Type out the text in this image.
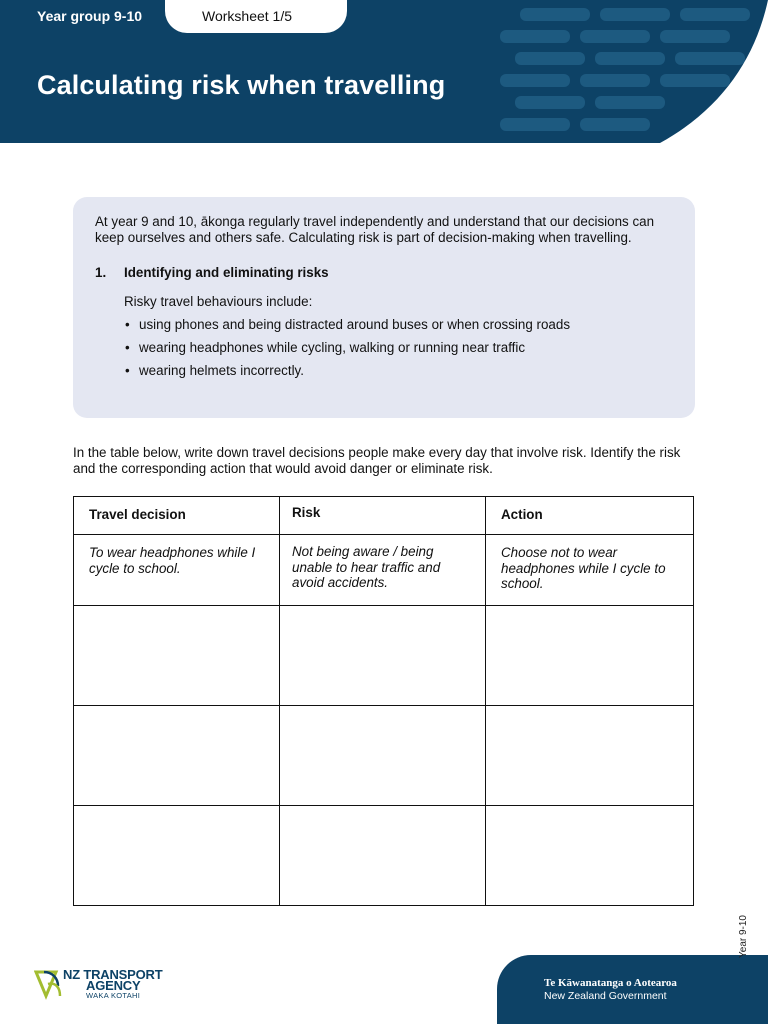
Year group 9-10	Worksheet 1/5
Calculating risk when travelling

At year 9 and 10, ākonga regularly travel independently and understand that our decisions can keep ourselves and others safe. Calculating risk is part of decision-making when travelling.

1.	Identifying and eliminating risks

Risky travel behaviours include:

• using phones and being distracted around buses or when crossing roads
• wearing headphones while cycling, walking or running near traffic
• wearing helmets incorrectly.

In the table below, write down travel decisions people make every day that involve risk. Identify the risk and the corresponding action that would avoid danger or eliminate risk.

Travel decision	Risk	Action
To wear headphones while I cycle to school.	Not being aware / being unable to hear traffic and avoid accidents.	Choose not to wear headphones while I cycle to school.

NZ TRANSPORT
AGENCY
WAKA KOTAHI
Te Kāwanatanga o Aotearoa
New Zealand Government
Year 9-10
